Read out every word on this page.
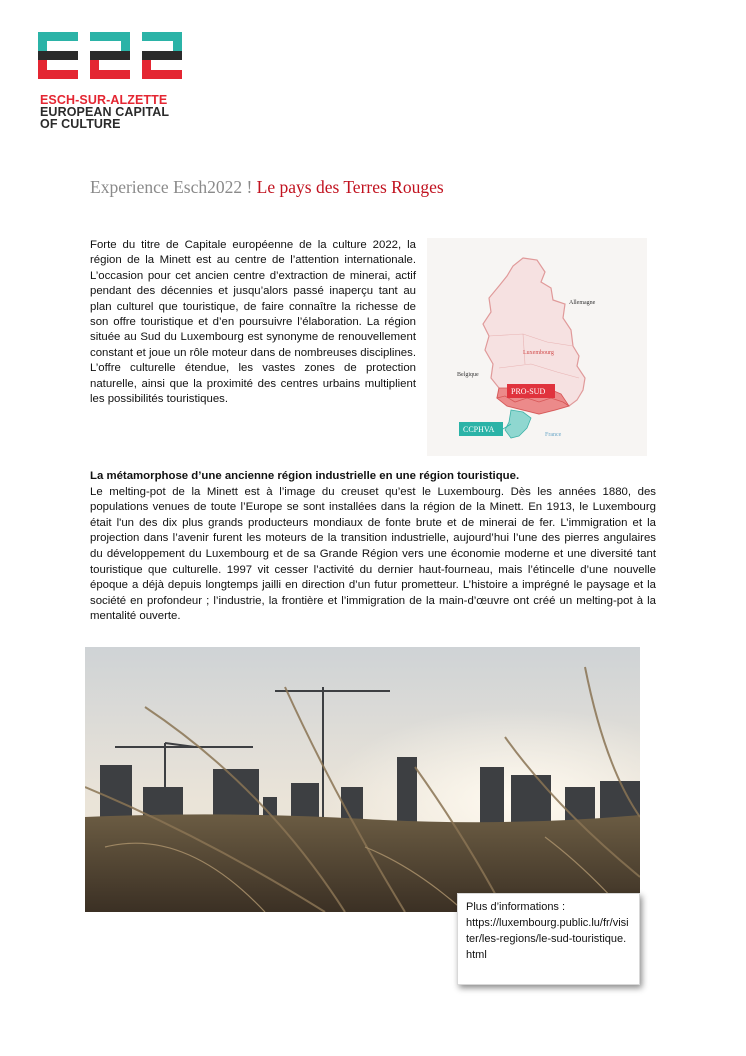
ESCH-SUR-ALZETTE
EUROPEAN CAPITAL
OF CULTURE
Experience Esch2022 ! Le pays des Terres Rouges
Forte du titre de Capitale européenne de la culture 2022, la région de la Minett est au centre de l’attention internationale. L’occasion pour cet ancien centre d’extraction de minerai, actif pendant des décennies et jusqu’alors passé inaperçu tant au plan culturel que touristique, de faire connaître la richesse de son offre touristique et d’en poursuivre l’élaboration. La région située au Sud du Luxembourg est synonyme de renouvellement constant et joue un rôle moteur dans de nombreuses disciplines. L’offre culturelle étendue, les vastes zones de protection naturelle, ainsi que la proximité des centres urbains multiplient les possibilités touristiques.
Allemagne
Luxembourg
Belgique
PRO-SUD
CCPHVA
France
La métamorphose d’une ancienne région industrielle en une région touristique.

Le melting-pot de la Minett est à l’image du creuset qu’est le Luxembourg. Dès les années 1880, des populations venues de toute l’Europe se sont installées dans la région de la Minett. En 1913, le Luxembourg était l'un des dix plus grands producteurs mondiaux de fonte brute et de minerai de fer. L’immigration et la projection dans l’avenir furent les moteurs de la transition industrielle, aujourd’hui l’une des pierres angulaires du développement du Luxembourg et de sa Grande Région vers une économie moderne et une diversité tant touristique que culturelle. 1997 vit cesser l’activité du dernier haut-fourneau, mais l’étincelle d’une nouvelle époque a déjà depuis longtemps jailli en direction d’un futur prometteur. L’histoire a imprégné le paysage et la société en profondeur ; l’industrie, la frontière et l’immigration de la main-d’œuvre ont créé un melting-pot à la mentalité ouverte.

Plus d’informations :
https://luxembourg.public.lu/fr/visiter/les-regions/le-sud-touristique.html
